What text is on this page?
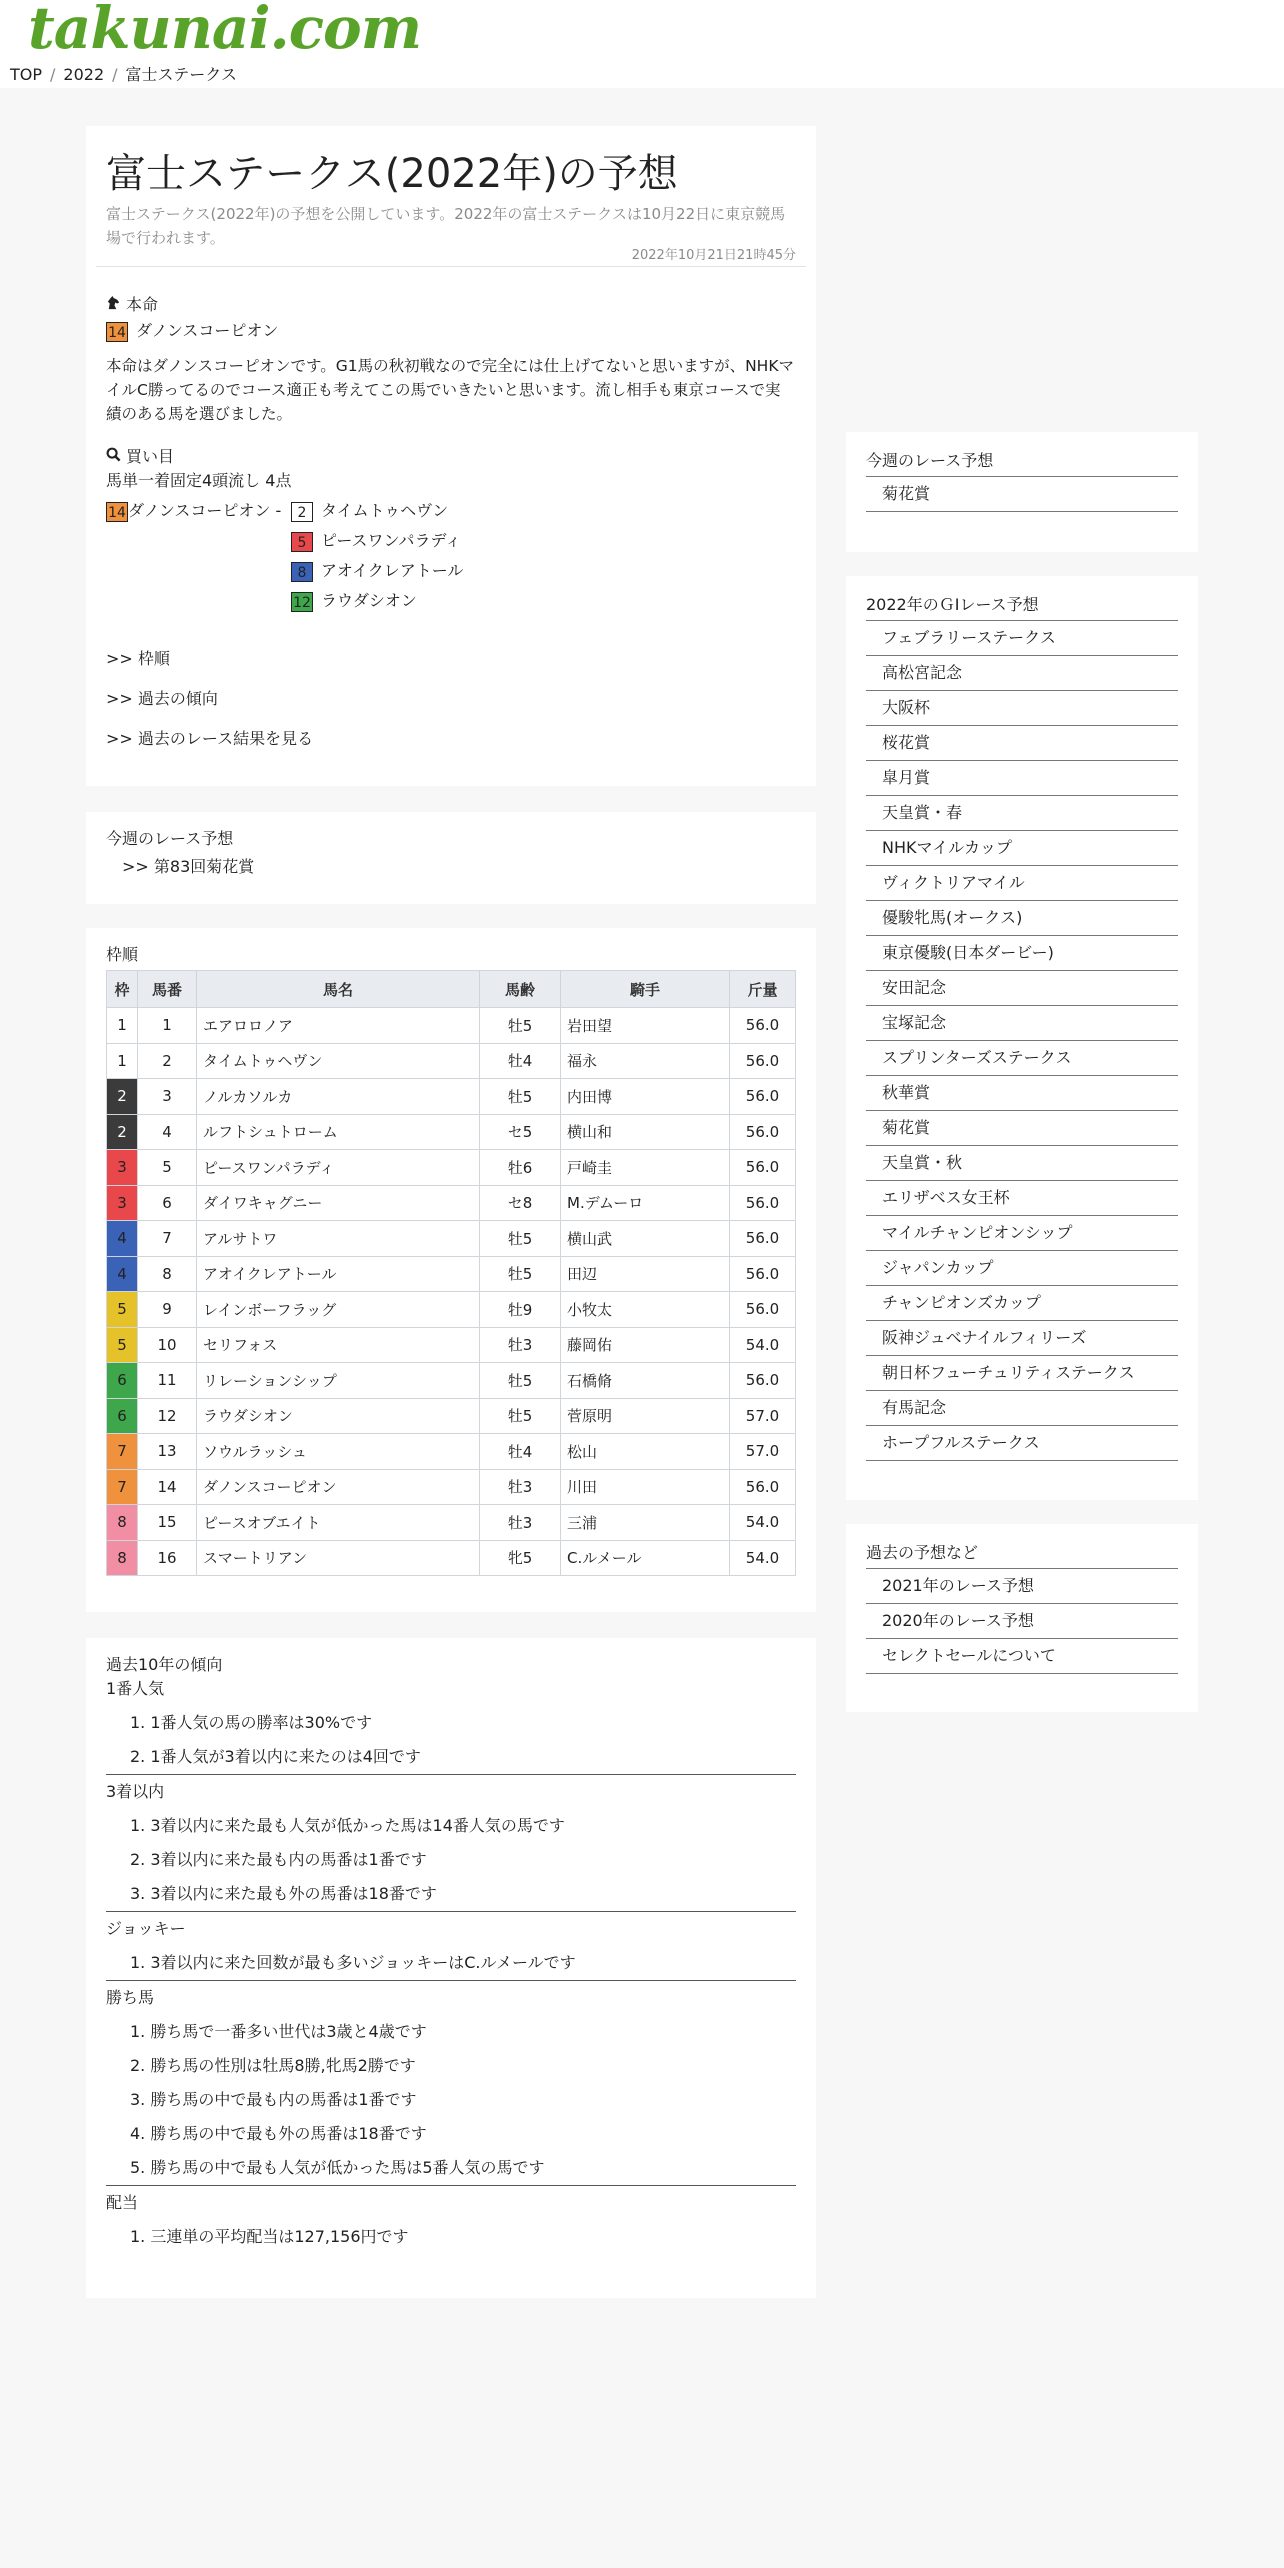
takunai.com
TOP / 2022 / 富士ステークス
富士ステークス(2022年)の予想
富士ステークス(2022年)の予想を公開しています。2022年の富士ステークスは10月22日に東京競馬場で行われます。
2022年10月21日21時45分
本命
14 ダノンスコーピオン
本命はダノンスコーピオンです。G1馬の秋初戦なので完全には仕上げてないと思いますが、NHKマイルC勝ってるのでコース適正も考えてこの馬でいきたいと思います。流し相手も東京コースで実績のある馬を選びました。
買い目
馬単一着固定4頭流し 4点
14 ダノンスコーピオン -	2 タイムトゥヘヴン
5 ピースワンパラディ
8 アオイクレアトール
12 ラウダシオン
>> 枠順
>> 過去の傾向
>> 過去のレース結果を見る
今週のレース予想
>> 第83回菊花賞
枠順
枠	馬番	馬名	馬齢	騎手	斤量
1	1	エアロロノア	牡5	岩田望	56.0
1	2	タイムトゥヘヴン	牡4	福永	56.0
2	3	ノルカソルカ	牡5	内田博	56.0
2	4	ルフトシュトローム	セ5	横山和	56.0
3	5	ピースワンパラディ	牡6	戸崎圭	56.0
3	6	ダイワキャグニー	セ8	M.デムーロ	56.0
4	7	アルサトワ	牡5	横山武	56.0
4	8	アオイクレアトール	牡5	田辺	56.0
5	9	レインボーフラッグ	牡9	小牧太	56.0
5	10	セリフォス	牡3	藤岡佑	54.0
6	11	リレーションシップ	牡5	石橋脩	56.0
6	12	ラウダシオン	牡5	菅原明	57.0
7	13	ソウルラッシュ	牡4	松山	57.0
7	14	ダノンスコーピオン	牡3	川田	56.0
8	15	ピースオブエイト	牡3	三浦	54.0
8	16	スマートリアン	牝5	C.ルメール	54.0
過去10年の傾向
1番人気
1. 1番人気の馬の勝率は30%です
2. 1番人気が3着以内に来たのは4回です
3着以内
1. 3着以内に来た最も人気が低かった馬は14番人気の馬です
2. 3着以内に来た最も内の馬番は1番です
3. 3着以内に来た最も外の馬番は18番です
ジョッキー
1. 3着以内に来た回数が最も多いジョッキーはC.ルメールです
勝ち馬
1. 勝ち馬で一番多い世代は3歳と4歳です
2. 勝ち馬の性別は牡馬8勝,牝馬2勝です
3. 勝ち馬の中で最も内の馬番は1番です
4. 勝ち馬の中で最も外の馬番は18番です
5. 勝ち馬の中で最も人気が低かった馬は5番人気の馬です
配当
1. 三連単の平均配当は127,156円です
今週のレース予想
菊花賞
2022年のＧⅠレース予想
フェブラリーステークス
高松宮記念
大阪杯
桜花賞
皐月賞
天皇賞・春
NHKマイルカップ
ヴィクトリアマイル
優駿牝馬(オークス)
東京優駿(日本ダービー)
安田記念
宝塚記念
スプリンターズステークス
秋華賞
菊花賞
天皇賞・秋
エリザベス女王杯
マイルチャンピオンシップ
ジャパンカップ
チャンピオンズカップ
阪神ジュベナイルフィリーズ
朝日杯フューチュリティステークス
有馬記念
ホープフルステークス
過去の予想など
2021年のレース予想
2020年のレース予想
セレクトセールについて
